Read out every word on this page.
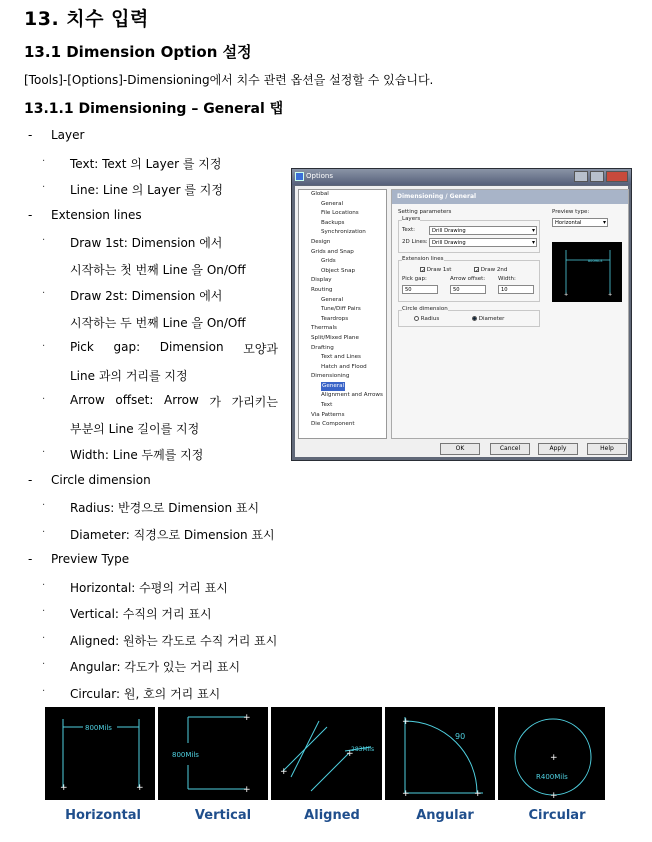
13. 치수 입력
13.1 Dimension Option 설정
[Tools]-[Options]-Dimensioning에서 치수 관련 옵션을 설정할 수 있습니다.
13.1.1 Dimensioning – General 탭
- Layer
· Text: Text 의 Layer 를 지정
· Line: Line 의 Layer 를 지정
- Extension lines
· Draw 1st: Dimension 에서
시작하는 첫 번째 Line 을 On/Off
· Draw 2st: Dimension 에서
시작하는 두 번째 Line 을 On/Off
· Pick gap: Dimension 모양과
Line 과의 거리를 지정
· Arrow offset: Arrow 가 가리키는
부분의 Line 길이를 지정
· Width: Line 두께를 지정
- Circle dimension
· Radius: 반경으로 Dimension 표시
· Diameter: 직경으로 Dimension 표시
- Preview Type
· Horizontal: 수평의 거리 표시
· Vertical: 수직의 거리 표시
· Aligned: 원하는 각도로 수직 거리 표시
· Angular: 각도가 있는 거리 표시
· Circular: 원, 호의 거리 표시
Options
Global
General
File Locations
Backups
Synchronization
Design
Grids and Snap
Grids
Object Snap
Display
Routing
General
Tune/Diff Pairs
Teardrops
Thermals
Split/Mixed Plane
Drafting
Text and Lines
Hatch and Flood
Dimensioning
General
Alignment and Arrows
Text
Via Patterns
Die Component
Dimensioning / General
Setting parameters
Layers
Text:	Drill Drawing ▾
2D Lines: Drill Drawing ▾
Extension lines
✓ Draw 1st	✓ Draw 2nd
Pick gap:
50
Arrow offset:
50
Width:
10
Circle dimension
Radius	Diameter
Preview type:
Horizontal ▾
800MILS
+	+
OK	Cancel	Apply	Help
800Mils
+	+
800Mils
+
+
283Mils
+
+
90
+
+	+
R400Mils
+
+
Horizontal	Vertical	Aligned	Angular	Circular
